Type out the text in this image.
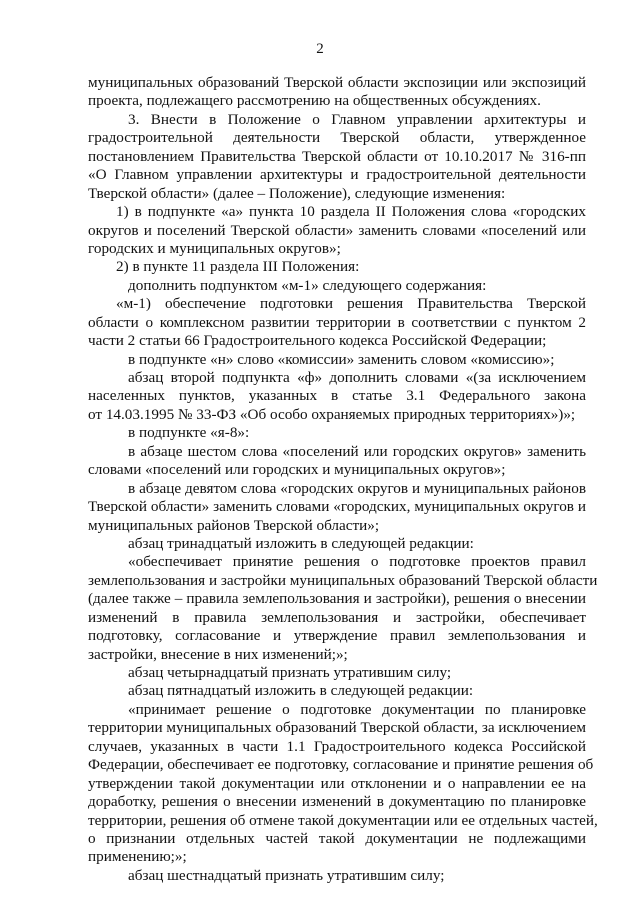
2
муниципальных образований Тверской области экспозиции или экспозиций
проекта, подлежащего рассмотрению на общественных обсуждениях.
3. Внести в Положение о Главном управлении архитектуры и
градостроительной деятельности Тверской области, утвержденное
постановлением Правительства Тверской области от 10.10.2017 № 316-пп
«О Главном управлении архитектуры и градостроительной деятельности
Тверской области» (далее – Положение), следующие изменения:
1) в подпункте «а» пункта 10 раздела II Положения слова «городских
округов и поселений Тверской области» заменить словами «поселений или
городских и муниципальных округов»;
2) в пункте 11 раздела III Положения:
дополнить подпунктом «м-1» следующего содержания:
«м-1) обеспечение подготовки решения Правительства Тверской
области о комплексном развитии территории в соответствии с пунктом 2
части 2 статьи 66 Градостроительного кодекса Российской Федерации;
в подпункте «н» слово «комиссии» заменить словом «комиссию»;
абзац второй подпункта «ф» дополнить словами «(за исключением
населенных пунктов, указанных в статье 3.1 Федерального закона
от 14.03.1995 № 33-ФЗ «Об особо охраняемых природных территориях»)»;
в подпункте «я-8»:
в абзаце шестом слова «поселений или городских округов» заменить
словами «поселений или городских и муниципальных округов»;
в абзаце девятом слова «городских округов и муниципальных районов
Тверской области» заменить словами «городских, муниципальных округов и
муниципальных районов Тверской области»;
абзац тринадцатый изложить в следующей редакции:
«обеспечивает принятие решения о подготовке проектов правил
землепользования и застройки муниципальных образований Тверской области
(далее также – правила землепользования и застройки), решения о внесении
изменений в правила землепользования и застройки, обеспечивает
подготовку, согласование и утверждение правил землепользования и
застройки, внесение в них изменений;»;
абзац четырнадцатый признать утратившим силу;
абзац пятнадцатый изложить в следующей редакции:
«принимает решение о подготовке документации по планировке
территории муниципальных образований Тверской области, за исключением
случаев, указанных в части 1.1 Градостроительного кодекса Российской
Федерации, обеспечивает ее подготовку, согласование и принятие решения об
утверждении такой документации или отклонении и о направлении ее на
доработку, решения о внесении изменений в документацию по планировке
территории, решения об отмене такой документации или ее отдельных частей,
о признании отдельных частей такой документации не подлежащими
применению;»;
абзац шестнадцатый признать утратившим силу;
